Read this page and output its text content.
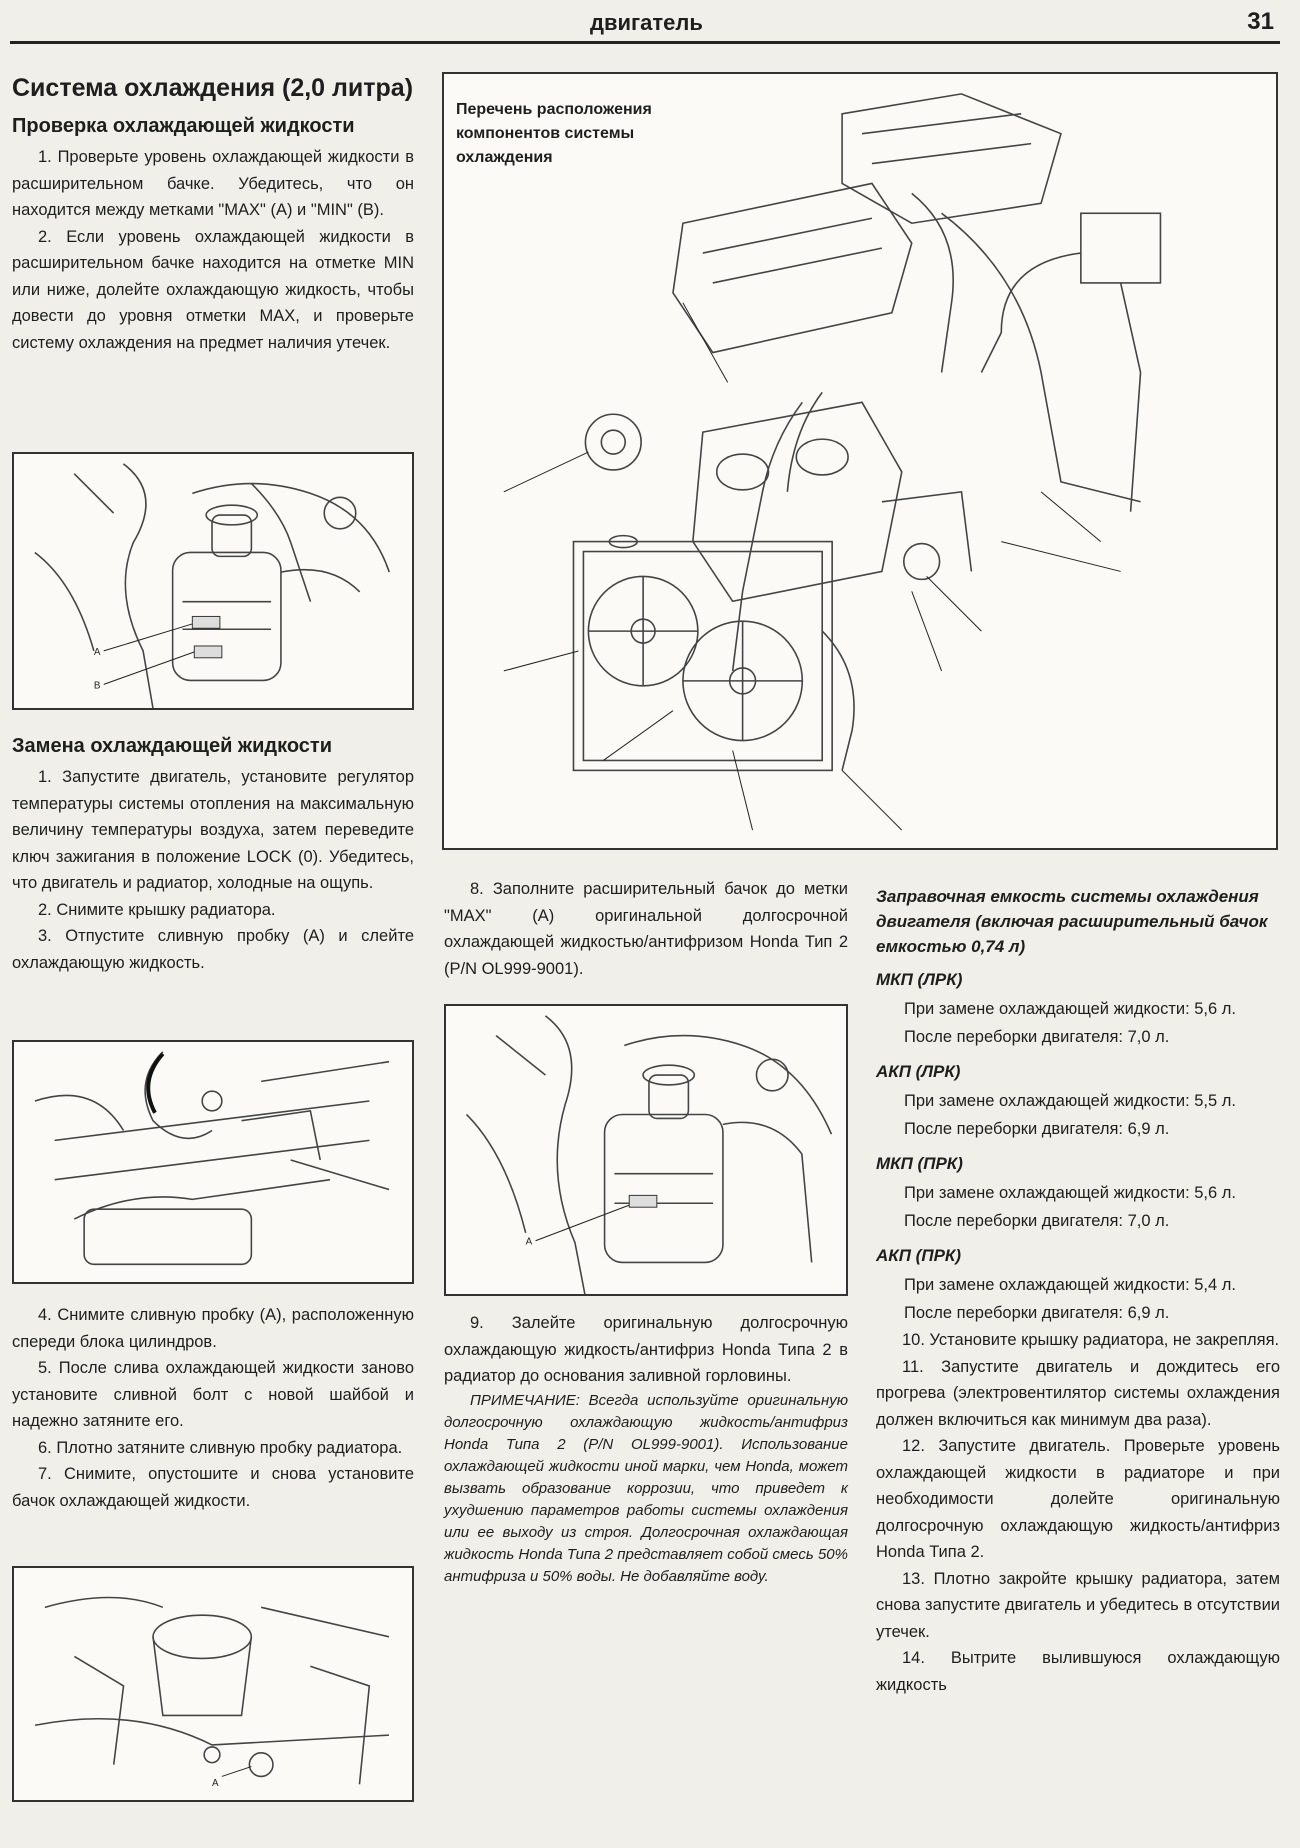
двигатель	31
Система охлаждения (2,0 литра)
Проверка охлаждающей жидкости

1. Проверьте уровень охлаждающей жидкости в расширительном бачке. Убедитесь, что он находится между метками "MAX" (A) и "MIN" (B).

2. Если уровень охлаждающей жидкости в расширительном бачке находится на отметке MIN или ниже, долейте охлаждающую жидкость, чтобы довести до уровня отметки MAX, и проверьте систему охлаждения на предмет наличия утечек.

A
B
Замена охлаждающей жидкости

1. Запустите двигатель, установите регулятор температуры системы отопления на максимальную величину температуры воздуха, затем переведите ключ зажигания в положение LOCK (0). Убедитесь, что двигатель и радиатор, холодные на ощупь.

2. Снимите крышку радиатора.

3. Отпустите сливную пробку (A) и слейте охлаждающую жидкость.

4. Снимите сливную пробку (A), расположенную спереди блока цилиндров.

5. После слива охлаждающей жидкости заново установите сливной болт с новой шайбой и надежно затяните его.

6. Плотно затяните сливную пробку радиатора.

7. Снимите, опустошите и снова установите бачок охлаждающей жидкости.

A
Перечень расположения компонентов системы охлаждения

8. Заполните расширительный бачок до метки "MAX" (A) оригинальной долгосрочной охлаждающей жидкостью/антифризом Honda Тип 2 (P/N OL999-9001).

A

9. Залейте оригинальную долгосрочную охлаждающую жидкость/антифриз Honda Типа 2 в радиатор до основания заливной горловины.

ПРИМЕЧАНИЕ: Всегда используйте оригинальную долгосрочную охлаждающую жидкость/антифриз Honda Типа 2 (P/N OL999-9001). Использование охлаждающей жидкости иной марки, чем Honda, может вызвать образование коррозии, что приведет к ухудшению параметров работы системы охлаждения или ее выходу из строя. Долгосрочная охлаждающая жидкость Honda Типа 2 представляет собой смесь 50% антифриза и 50% воды. Не добавляйте воду.

Заправочная емкость системы охлаждения двигателя (включая расширительный бачок емкостью 0,74 л)
МКП (ЛРК)
При замене охлаждающей жидкости: 5,6 л.
После переборки двигателя: 7,0 л.
АКП (ЛРК)
При замене охлаждающей жидкости: 5,5 л.
После переборки двигателя: 6,9 л.
МКП (ПРК)
При замене охлаждающей жидкости: 5,6 л.
После переборки двигателя: 7,0 л.
АКП (ПРК)
При замене охлаждающей жидкости: 5,4 л.
После переборки двигателя: 6,9 л.

10. Установите крышку радиатора, не закрепляя.

11. Запустите двигатель и дождитесь его прогрева (электровентилятор системы охлаждения должен включиться как минимум два раза).

12. Запустите двигатель. Проверьте уровень охлаждающей жидкости в радиаторе и при необходимости долейте оригинальную долгосрочную охлаждающую жидкость/антифриз Honda Типа 2.

13. Плотно закройте крышку радиатора, затем снова запустите двигатель и убедитесь в отсутствии утечек.

14. Вытрите вылившуюся охлаждающую жидкость
